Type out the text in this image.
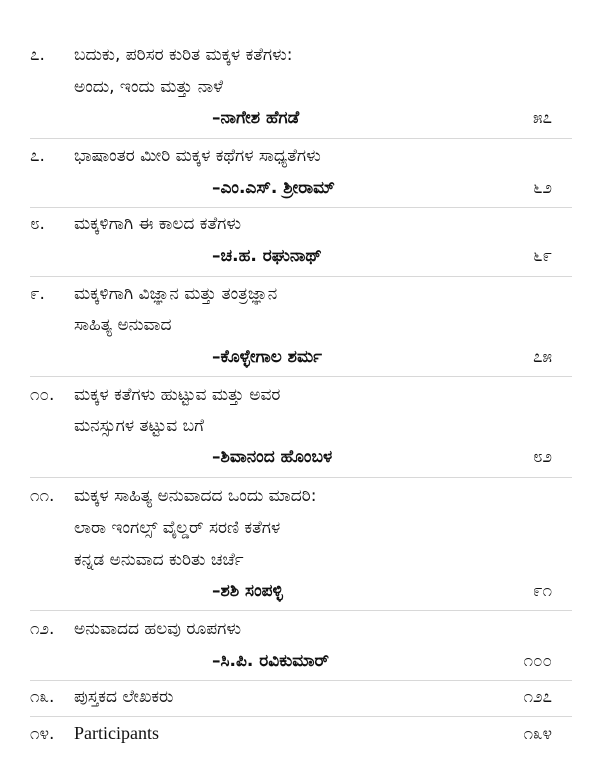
೭. ಬದುಕು, ಪರಿಸರ ಕುರಿತ ಮಕ್ಕಳ ಕತೆಗಳು:
ಅಂದು, ಇಂದು ಮತ್ತು ನಾಳೆ
–ನಾಗೇಶ ಹೆಗಡೆ	೫೭
೭. ಭಾಷಾಂತರ ಮೀರಿ ಮಕ್ಕಳ ಕಥೆಗಳ ಸಾಧ್ಯತೆಗಳು
–ಎಂ.ಎಸ್. ಶ್ರೀರಾಮ್	೬೨
೮. ಮಕ್ಕಳಿಗಾಗಿ ಈ ಕಾಲದ ಕತೆಗಳು
–ಚ.ಹ. ರಘುನಾಥ್	೬೯
೯. ಮಕ್ಕಳಿಗಾಗಿ ವಿಜ್ಞಾನ ಮತ್ತು ತಂತ್ರಜ್ಞಾನ
ಸಾಹಿತ್ಯ ಅನುವಾದ
–ಕೊಳ್ಳೇಗಾಲ ಶರ್ಮ	೭೫
೧೦. ಮಕ್ಕಳ ಕತೆಗಳು ಹುಟ್ಟುವ ಮತ್ತು ಅವರ
ಮನಸ್ಸುಗಳ ತಟ್ಟುವ ಬಗೆ
–ಶಿವಾನಂದ ಹೊಂಬಳ	೮೨
೧೧. ಮಕ್ಕಳ ಸಾಹಿತ್ಯ ಅನುವಾದದ ಒಂದು ಮಾದರಿ:
ಲಾರಾ ಇಂಗಲ್ಸ್ ವೈಲ್ಡರ್ ಸರಣಿ ಕತೆಗಳ
ಕನ್ನಡ ಅನುವಾದ ಕುರಿತು ಚರ್ಚೆ
–ಶಶಿ ಸಂಪಳ್ಳಿ	೯೧
೧೨. ಅನುವಾದದ ಹಲವು ರೂಪಗಳು
–ಸಿ.ಪಿ. ರವಿಕುಮಾರ್	೧೦೦
೧೩. ಪುಸ್ತಕದ ಲೇಖಕರು	೧೨೭
೧೪. Participants	೧೩೪
